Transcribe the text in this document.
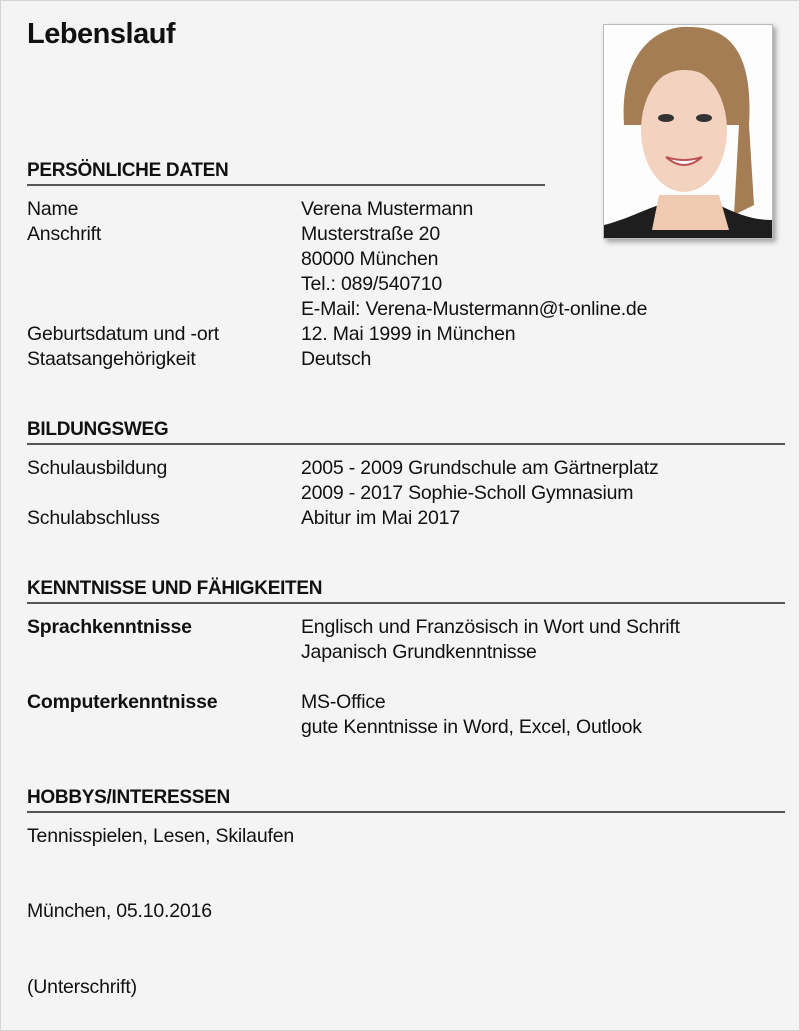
Lebenslauf
PERSÖNLICHE DATEN
Name	Verena Mustermann
Anschrift	Musterstraße 20
80000 München
Tel.: 089/540710
E-Mail: Verena-Mustermann@t-online.de
Geburtsdatum und -ort	12. Mai 1999 in München
Staatsangehörigkeit	Deutsch
BILDUNGSWEG
Schulausbildung	2005 - 2009 Grundschule am Gärtnerplatz
2009 - 2017 Sophie-Scholl Gymnasium
Schulabschluss	Abitur im Mai 2017
KENNTNISSE UND FÄHIGKEITEN
Sprachkenntnisse	Englisch und Französisch in Wort und Schrift
Japanisch Grundkenntnisse
Computerkenntnisse	MS-Office
gute Kenntnisse in Word, Excel, Outlook
HOBBYS/INTERESSEN
Tennisspielen, Lesen, Skilaufen
München, 05.10.2016
(Unterschrift)
